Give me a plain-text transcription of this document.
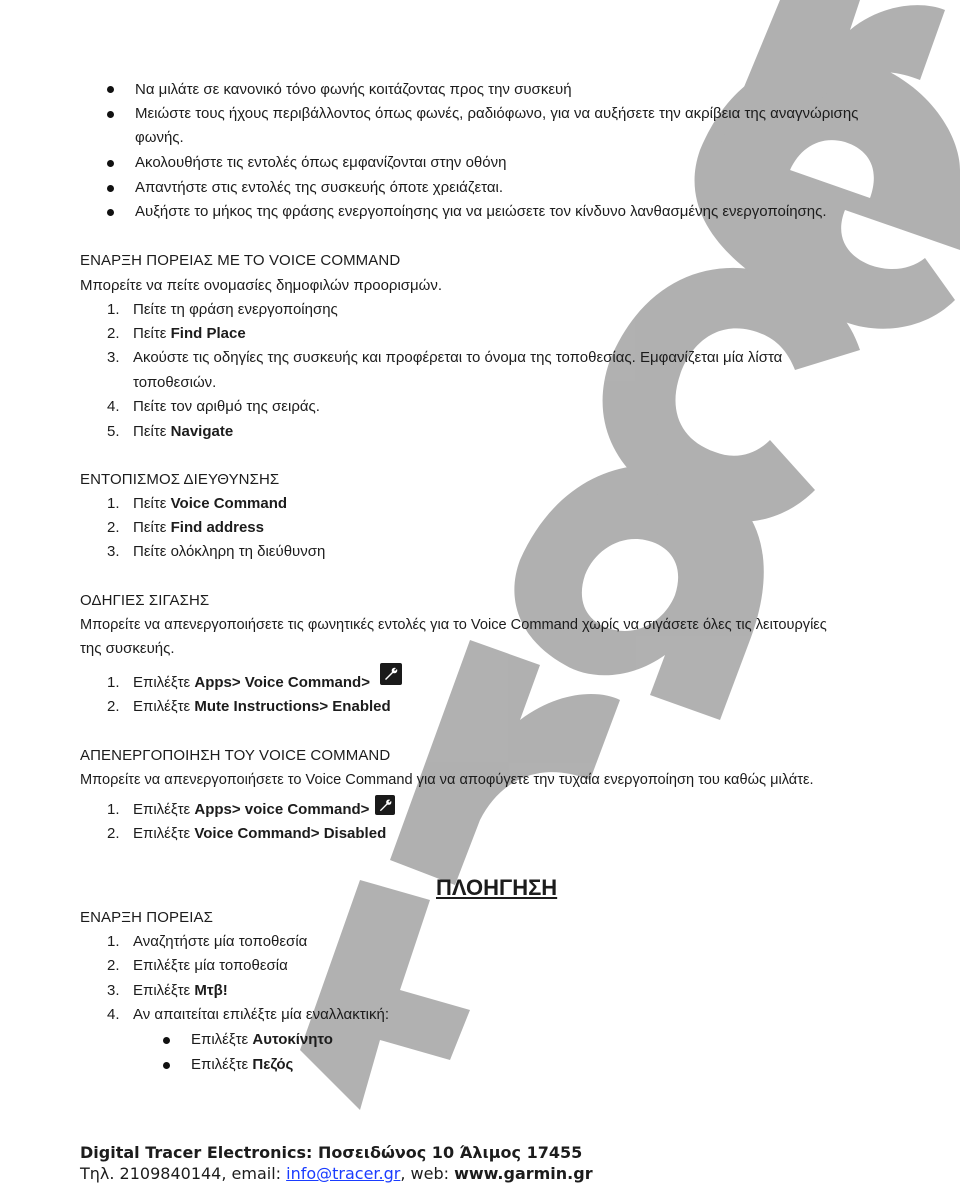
Να μιλάτε σε κανονικό τόνο φωνής κοιτάζοντας προς την συσκευή
Μειώστε τους ήχους περιβάλλοντος όπως φωνές, ραδιόφωνο, για να αυξήσετε την ακρίβεια της αναγνώρισης
φωνής.
Ακολουθήστε τις εντολές όπως εμφανίζονται στην οθόνη
Απαντήστε στις εντολές της συσκευής όποτε χρειάζεται.
Αυξήστε το μήκος της φράσης ενεργοποίησης για να μειώσετε τον κίνδυνο λανθασμένης ενεργοποίησης.
ΕΝΑΡΞΗ ΠΟΡΕΙΑΣ ΜΕ ΤΟ VOICE COMMAND
Μπορείτε να πείτε ονομασίες δημοφιλών προορισμών.
1. Πείτε τη φράση ενεργοποίησης
2. Πείτε Find Place
3. Ακούστε τις οδηγίες της συσκευής και προφέρεται το όνομα της τοποθεσίας. Εμφανίζεται μία λίστα
τοποθεσιών.
4. Πείτε τον αριθμό της σειράς.
5. Πείτε Navigate
ΕΝΤΟΠΙΣΜΟΣ ΔΙΕΥΘΥΝΣΗΣ
1. Πείτε Voice Command
2. Πείτε Find address
3. Πείτε ολόκληρη τη διεύθυνση
ΟΔΗΓΙΕΣ ΣΙΓΑΣΗΣ
Μπορείτε να απενεργοποιήσετε τις φωνητικές εντολές για το Voice Command χωρίς να σιγάσετε όλες τις λειτουργίες
της συσκευής.
1. Επιλέξτε Apps> Voice Command>
2. Επιλέξτε Mute Instructions> Enabled
ΑΠΕΝΕΡΓΟΠΟΙΗΣΗ ΤΟΥ VOICE COMMAND
Μπορείτε να απενεργοποιήσετε το Voice Command για να αποφύγετε την τυχαία ενεργοποίηση του καθώς μιλάτε.
1. Επιλέξτε Apps> voice Command>
2. Επιλέξτε Voice Command> Disabled
ΠΛΟΗΓΗΣΗ
ΕΝΑΡΞΗ ΠΟΡΕΙΑΣ
1. Αναζητήστε μία τοποθεσία
2. Επιλέξτε μία τοποθεσία
3. Επιλέξτε Μτβ!
4. Αν απαιτείται επιλέξτε μία εναλλακτική:
Επιλέξτε Αυτοκίνητο
Επιλέξτε Πεζός
Digital Tracer Electronics: Ποσειδώνος 10 Άλιμος 17455
Τηλ. 2109840144, email: info@tracer.gr, web: www.garmin.gr
